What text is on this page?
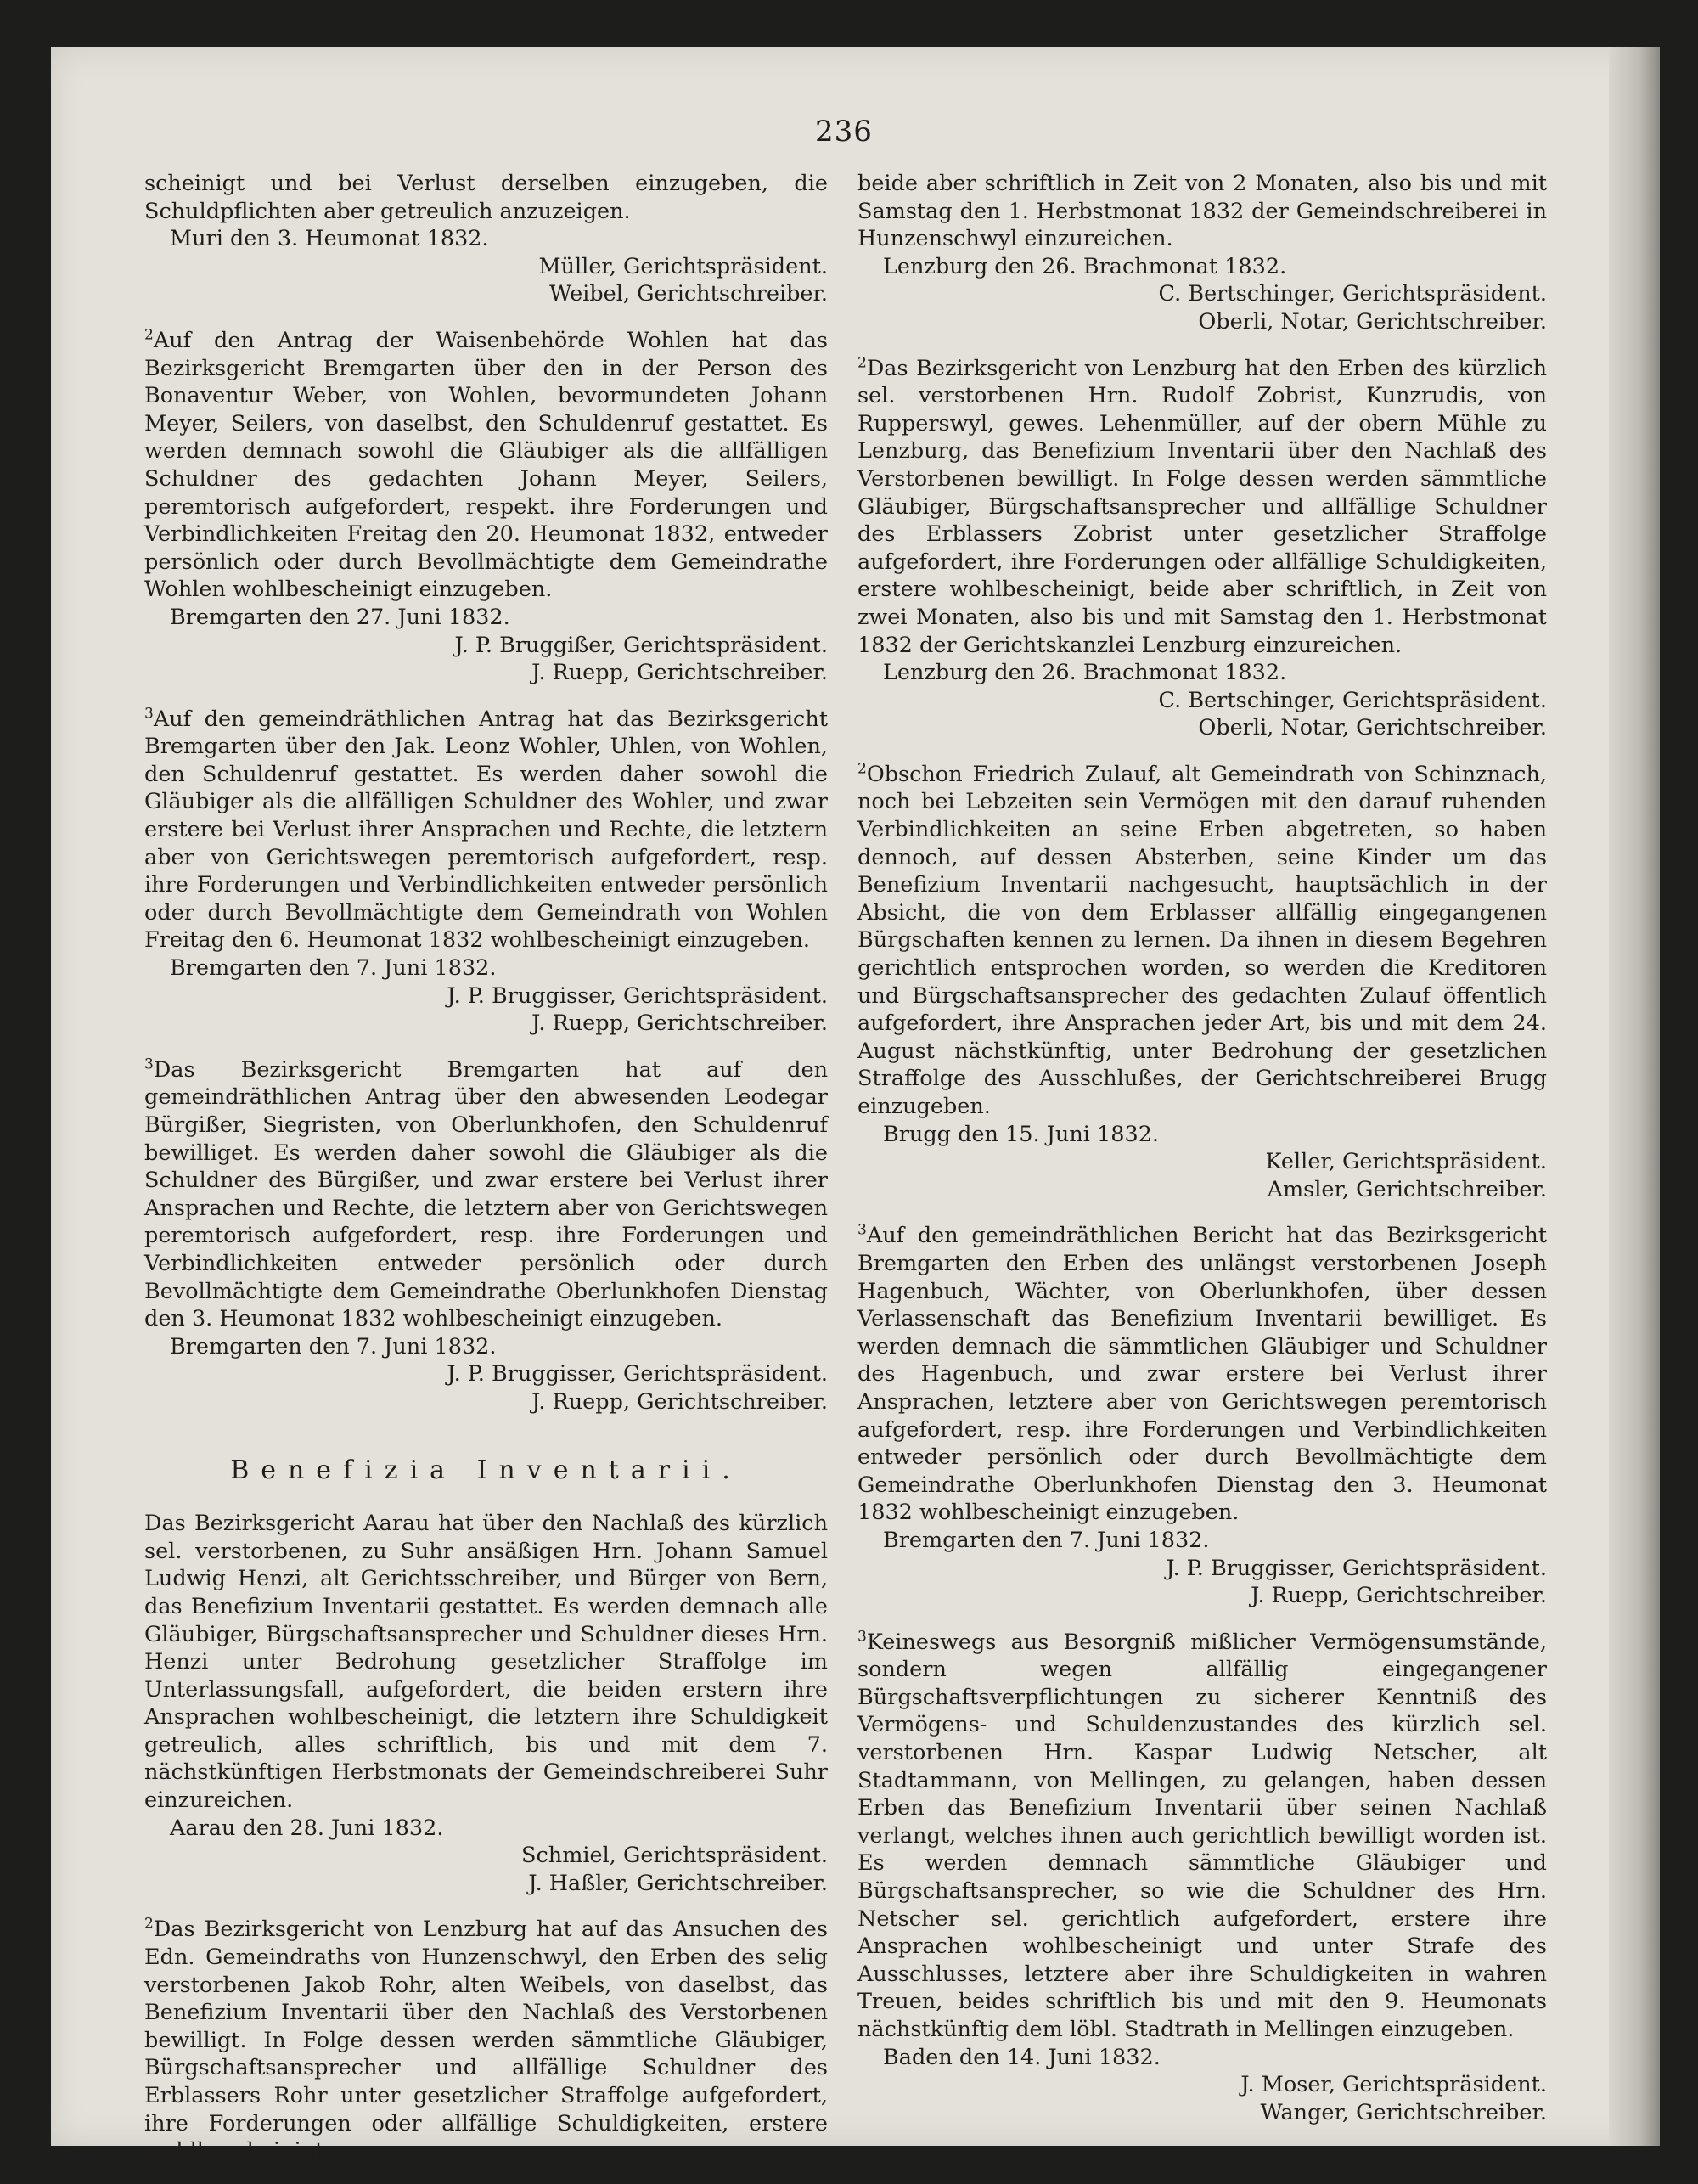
236

scheinigt und bei Verlust derselben einzugeben, die Schuldpflichten aber getreulich anzuzeigen.

Muri den 3. Heumonat 1832.

Müller, Gerichtspräsident.

Weibel, Gerichtschreiber.

$^2$Auf den Antrag der Waisenbehörde Wohlen hat das Bezirksgericht Bremgarten über den in der Person des Bonaventur Weber, von Wohlen, bevormundeten Johann Meyer, Seilers, von daselbst, den Schuldenruf gestattet. Es werden demnach sowohl die Gläubiger als die allfälligen Schuldner des gedachten Johann Meyer, Seilers, peremtorisch aufgefordert, respekt. ihre Forderungen und Verbindlichkeiten Freitag den 20. Heumonat 1832, entweder persönlich oder durch Bevollmächtigte dem Gemeindrathe Wohlen wohlbescheinigt einzugeben.

Bremgarten den 27. Juni 1832.

J. P. Bruggißer, Gerichtspräsident.

J. Ruepp, Gerichtschreiber.

$^3$Auf den gemeindräthlichen Antrag hat das Bezirksgericht Bremgarten über den Jak. Leonz Wohler, Uhlen, von Wohlen, den Schuldenruf gestattet. Es werden daher sowohl die Gläubiger als die allfälligen Schuldner des Wohler, und zwar erstere bei Verlust ihrer Ansprachen und Rechte, die letztern aber von Gerichtswegen peremtorisch aufgefordert, resp. ihre Forderungen und Verbindlichkeiten entweder persönlich oder durch Bevollmächtigte dem Gemeindrath von Wohlen Freitag den 6. Heumonat 1832 wohlbescheinigt einzugeben.

Bremgarten den 7. Juni 1832.

J. P. Bruggisser, Gerichtspräsident.

J. Ruepp, Gerichtschreiber.

$^3$Das Bezirksgericht Bremgarten hat auf den gemeindräthlichen Antrag über den abwesenden Leodegar Bürgißer, Siegristen, von Oberlunkhofen, den Schuldenruf bewilliget. Es werden daher sowohl die Gläubiger als die Schuldner des Bürgißer, und zwar erstere bei Verlust ihrer Ansprachen und Rechte, die letztern aber von Gerichtswegen peremtorisch aufgefordert, resp. ihre Forderungen und Verbindlichkeiten entweder persönlich oder durch Bevollmächtigte dem Gemeindrathe Oberlunkhofen Dienstag den 3. Heumonat 1832 wohlbescheinigt einzugeben.

Bremgarten den 7. Juni 1832.

J. P. Bruggisser, Gerichtspräsident.

J. Ruepp, Gerichtschreiber.

Benefizia Inventarii.

Das Bezirksgericht Aarau hat über den Nachlaß des kürzlich sel. verstorbenen, zu Suhr ansäßigen Hrn. Johann Samuel Ludwig Henzi, alt Gerichtsschreiber, und Bürger von Bern, das Benefizium Inventarii gestattet. Es werden demnach alle Gläubiger, Bürgschaftsansprecher und Schuldner dieses Hrn. Henzi unter Bedrohung gesetzlicher Straffolge im Unterlassungsfall, aufgefordert, die beiden erstern ihre Ansprachen wohlbescheinigt, die letztern ihre Schuldigkeit getreulich, alles schriftlich, bis und mit dem 7. nächstkünftigen Herbstmonats der Gemeindschreiberei Suhr einzureichen.

Aarau den 28. Juni 1832.

Schmiel, Gerichtspräsident.

J. Haßler, Gerichtschreiber.

$^2$Das Bezirksgericht von Lenzburg hat auf das Ansuchen des Edn. Gemeindraths von Hunzenschwyl, den Erben des selig verstorbenen Jakob Rohr, alten Weibels, von daselbst, das Benefizium Inventarii über den Nachlaß des Verstorbenen bewilligt. In Folge dessen werden sämmtliche Gläubiger, Bürgschaftsansprecher und allfällige Schuldner des Erblassers Rohr unter gesetzlicher Straffolge aufgefordert, ihre Forderungen oder allfällige Schuldigkeiten, erstere wohlbescheinigt,

beide aber schriftlich in Zeit von 2 Monaten, also bis und mit Samstag den 1. Herbstmonat 1832 der Gemeindschreiberei in Hunzenschwyl einzureichen.

Lenzburg den 26. Brachmonat 1832.

C. Bertschinger, Gerichtspräsident.

Oberli, Notar, Gerichtschreiber.

$^2$Das Bezirksgericht von Lenzburg hat den Erben des kürzlich sel. verstorbenen Hrn. Rudolf Zobrist, Kunzrudis, von Rupperswyl, gewes. Lehenmüller, auf der obern Mühle zu Lenzburg, das Benefizium Inventarii über den Nachlaß des Verstorbenen bewilligt. In Folge dessen werden sämmtliche Gläubiger, Bürgschaftsansprecher und allfällige Schuldner des Erblassers Zobrist unter gesetzlicher Straffolge aufgefordert, ihre Forderungen oder allfällige Schuldigkeiten, erstere wohlbescheinigt, beide aber schriftlich, in Zeit von zwei Monaten, also bis und mit Samstag den 1. Herbstmonat 1832 der Gerichtskanzlei Lenzburg einzureichen.

Lenzburg den 26. Brachmonat 1832.

C. Bertschinger, Gerichtspräsident.

Oberli, Notar, Gerichtschreiber.

$^2$Obschon Friedrich Zulauf, alt Gemeindrath von Schinznach, noch bei Lebzeiten sein Vermögen mit den darauf ruhenden Verbindlichkeiten an seine Erben abgetreten, so haben dennoch, auf dessen Absterben, seine Kinder um das Benefizium Inventarii nachgesucht, hauptsächlich in der Absicht, die von dem Erblasser allfällig eingegangenen Bürgschaften kennen zu lernen. Da ihnen in diesem Begehren gerichtlich entsprochen worden, so werden die Kreditoren und Bürgschaftsansprecher des gedachten Zulauf öffentlich aufgefordert, ihre Ansprachen jeder Art, bis und mit dem 24. August nächstkünftig, unter Bedrohung der gesetzlichen Straffolge des Ausschlußes, der Gerichtschreiberei Brugg einzugeben.

Brugg den 15. Juni 1832.

Keller, Gerichtspräsident.

Amsler, Gerichtschreiber.

$^3$Auf den gemeindräthlichen Bericht hat das Bezirksgericht Bremgarten den Erben des unlängst verstorbenen Joseph Hagenbuch, Wächter, von Oberlunkhofen, über dessen Verlassenschaft das Benefizium Inventarii bewilliget. Es werden demnach die sämmtlichen Gläubiger und Schuldner des Hagenbuch, und zwar erstere bei Verlust ihrer Ansprachen, letztere aber von Gerichtswegen peremtorisch aufgefordert, resp. ihre Forderungen und Verbindlichkeiten entweder persönlich oder durch Bevollmächtigte dem Gemeindrathe Oberlunkhofen Dienstag den 3. Heumonat 1832 wohlbescheinigt einzugeben.

Bremgarten den 7. Juni 1832.

J. P. Bruggisser, Gerichtspräsident.

J. Ruepp, Gerichtschreiber.

$^3$Keineswegs aus Besorgniß mißlicher Vermögensumstände, sondern wegen allfällig eingegangener Bürgschaftsverpflichtungen zu sicherer Kenntniß des Vermögens- und Schuldenzustandes des kürzlich sel. verstorbenen Hrn. Kaspar Ludwig Netscher, alt Stadtammann, von Mellingen, zu gelangen, haben dessen Erben das Benefizium Inventarii über seinen Nachlaß verlangt, welches ihnen auch gerichtlich bewilligt worden ist. Es werden demnach sämmtliche Gläubiger und Bürgschaftsansprecher, so wie die Schuldner des Hrn. Netscher sel. gerichtlich aufgefordert, erstere ihre Ansprachen wohlbescheinigt und unter Strafe des Ausschlusses, letztere aber ihre Schuldigkeiten in wahren Treuen, beides schriftlich bis und mit den 9. Heumonats nächstkünftig dem löbl. Stadtrath in Mellingen einzugeben.

Baden den 14. Juni 1832.

J. Moser, Gerichtspräsident.

Wanger, Gerichtschreiber.
